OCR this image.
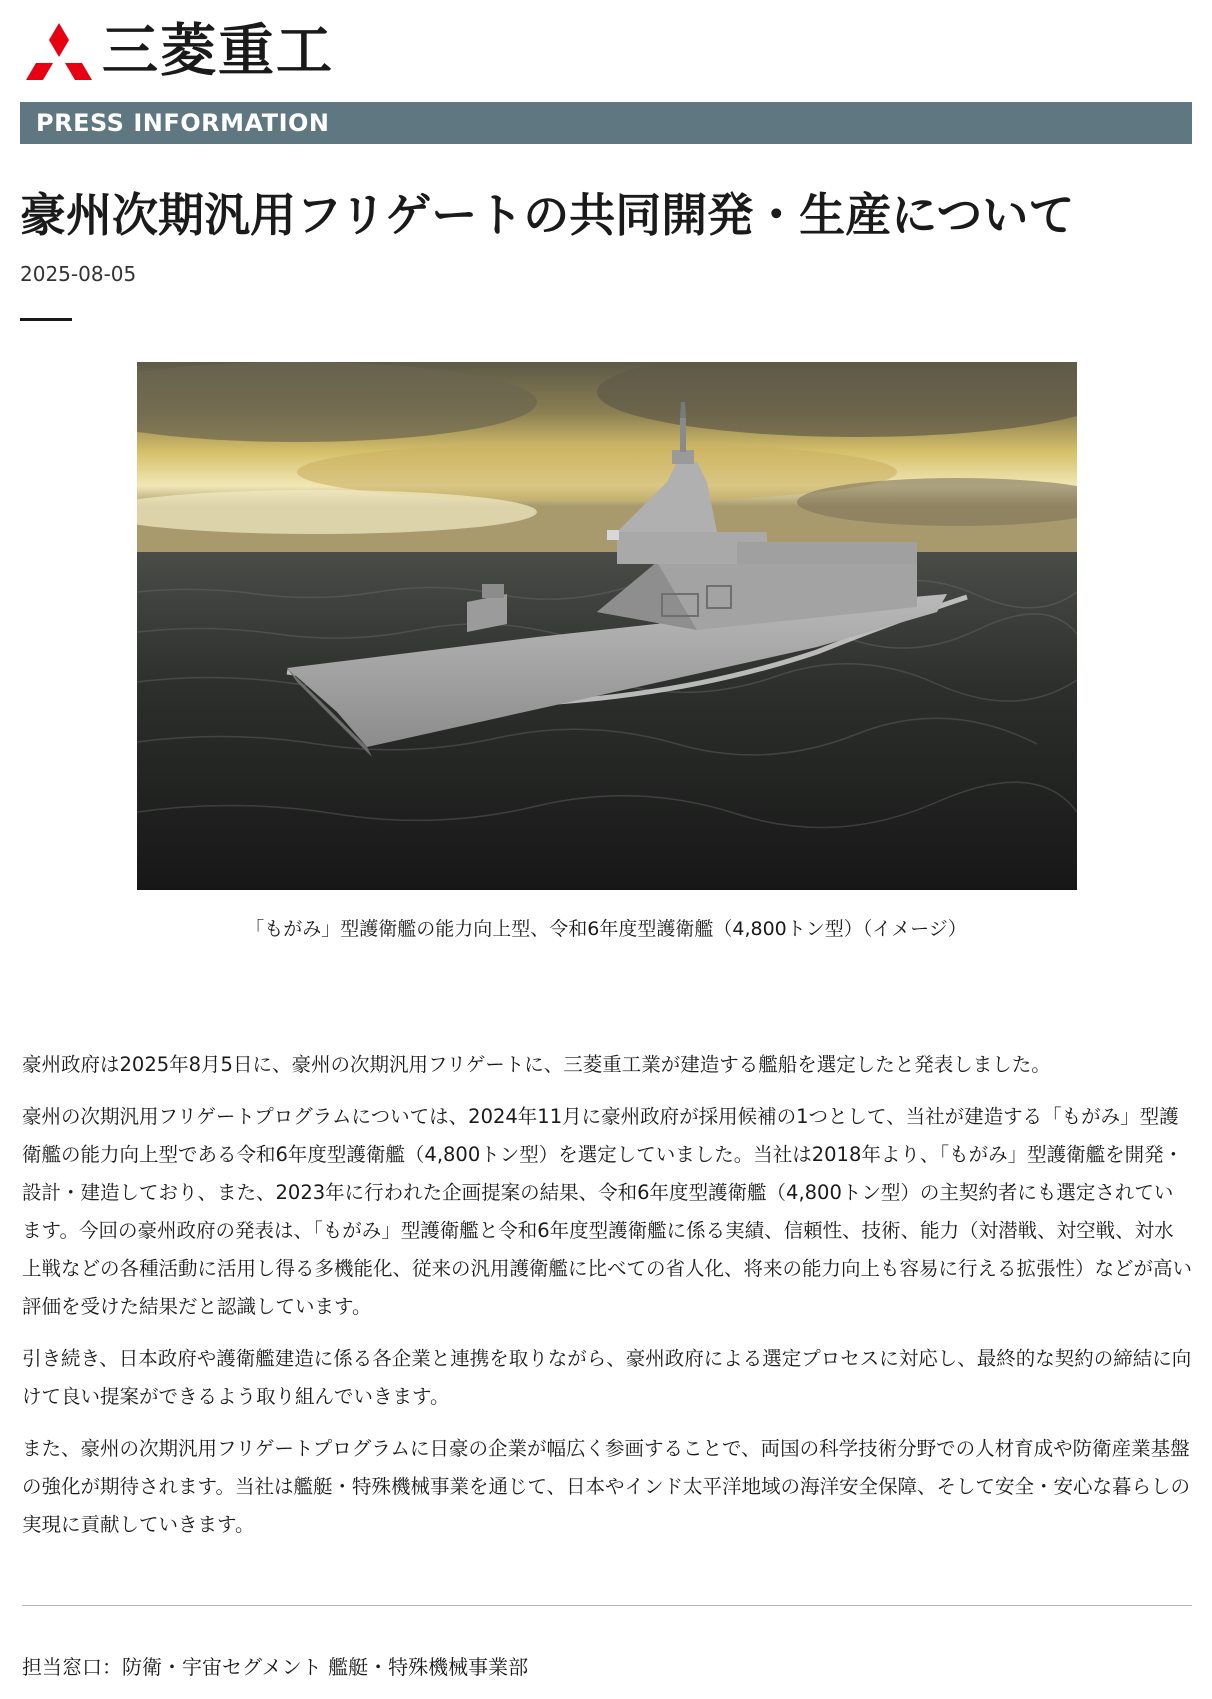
三菱重工
PRESS INFORMATION
豪州次期汎用フリゲートの共同開発・生産について
2025-08-05
「もがみ」型護衛艦の能力向上型、令和6年度型護衛艦（4,800トン型）（イメージ）

豪州政府は2025年8月5日に、豪州の次期汎用フリゲートに、三菱重工業が建造する艦船を選定したと発表しました。

豪州の次期汎用フリゲートプログラムについては、2024年11月に豪州政府が採用候補の1つとして、当社が建造する「もがみ」型護衛艦の能力向上型である令和6年度型護衛艦（4,800トン型）を選定していました。当社は2018年より、「もがみ」型護衛艦を開発・設計・建造しており、また、2023年に行われた企画提案の結果、令和6年度型護衛艦（4,800トン型）の主契約者にも選定されています。今回の豪州政府の発表は、「もがみ」型護衛艦と令和6年度型護衛艦に係る実績、信頼性、技術、能力（対潜戦、対空戦、対水上戦などの各種活動に活用し得る多機能化、従来の汎用護衛艦に比べての省人化、将来の能力向上も容易に行える拡張性）などが高い評価を受けた結果だと認識しています。

引き続き、日本政府や護衛艦建造に係る各企業と連携を取りながら、豪州政府による選定プロセスに対応し、最終的な契約の締結に向けて良い提案ができるよう取り組んでいきます。

また、豪州の次期汎用フリゲートプログラムに日豪の企業が幅広く参画することで、両国の科学技術分野での人材育成や防衛産業基盤の強化が期待されます。当社は艦艇・特殊機械事業を通じて、日本やインド太平洋地域の海洋安全保障、そして安全・安心な暮らしの実現に貢献していきます。

担当窓口：防衛・宇宙セグメント 艦艇・特殊機械事業部
